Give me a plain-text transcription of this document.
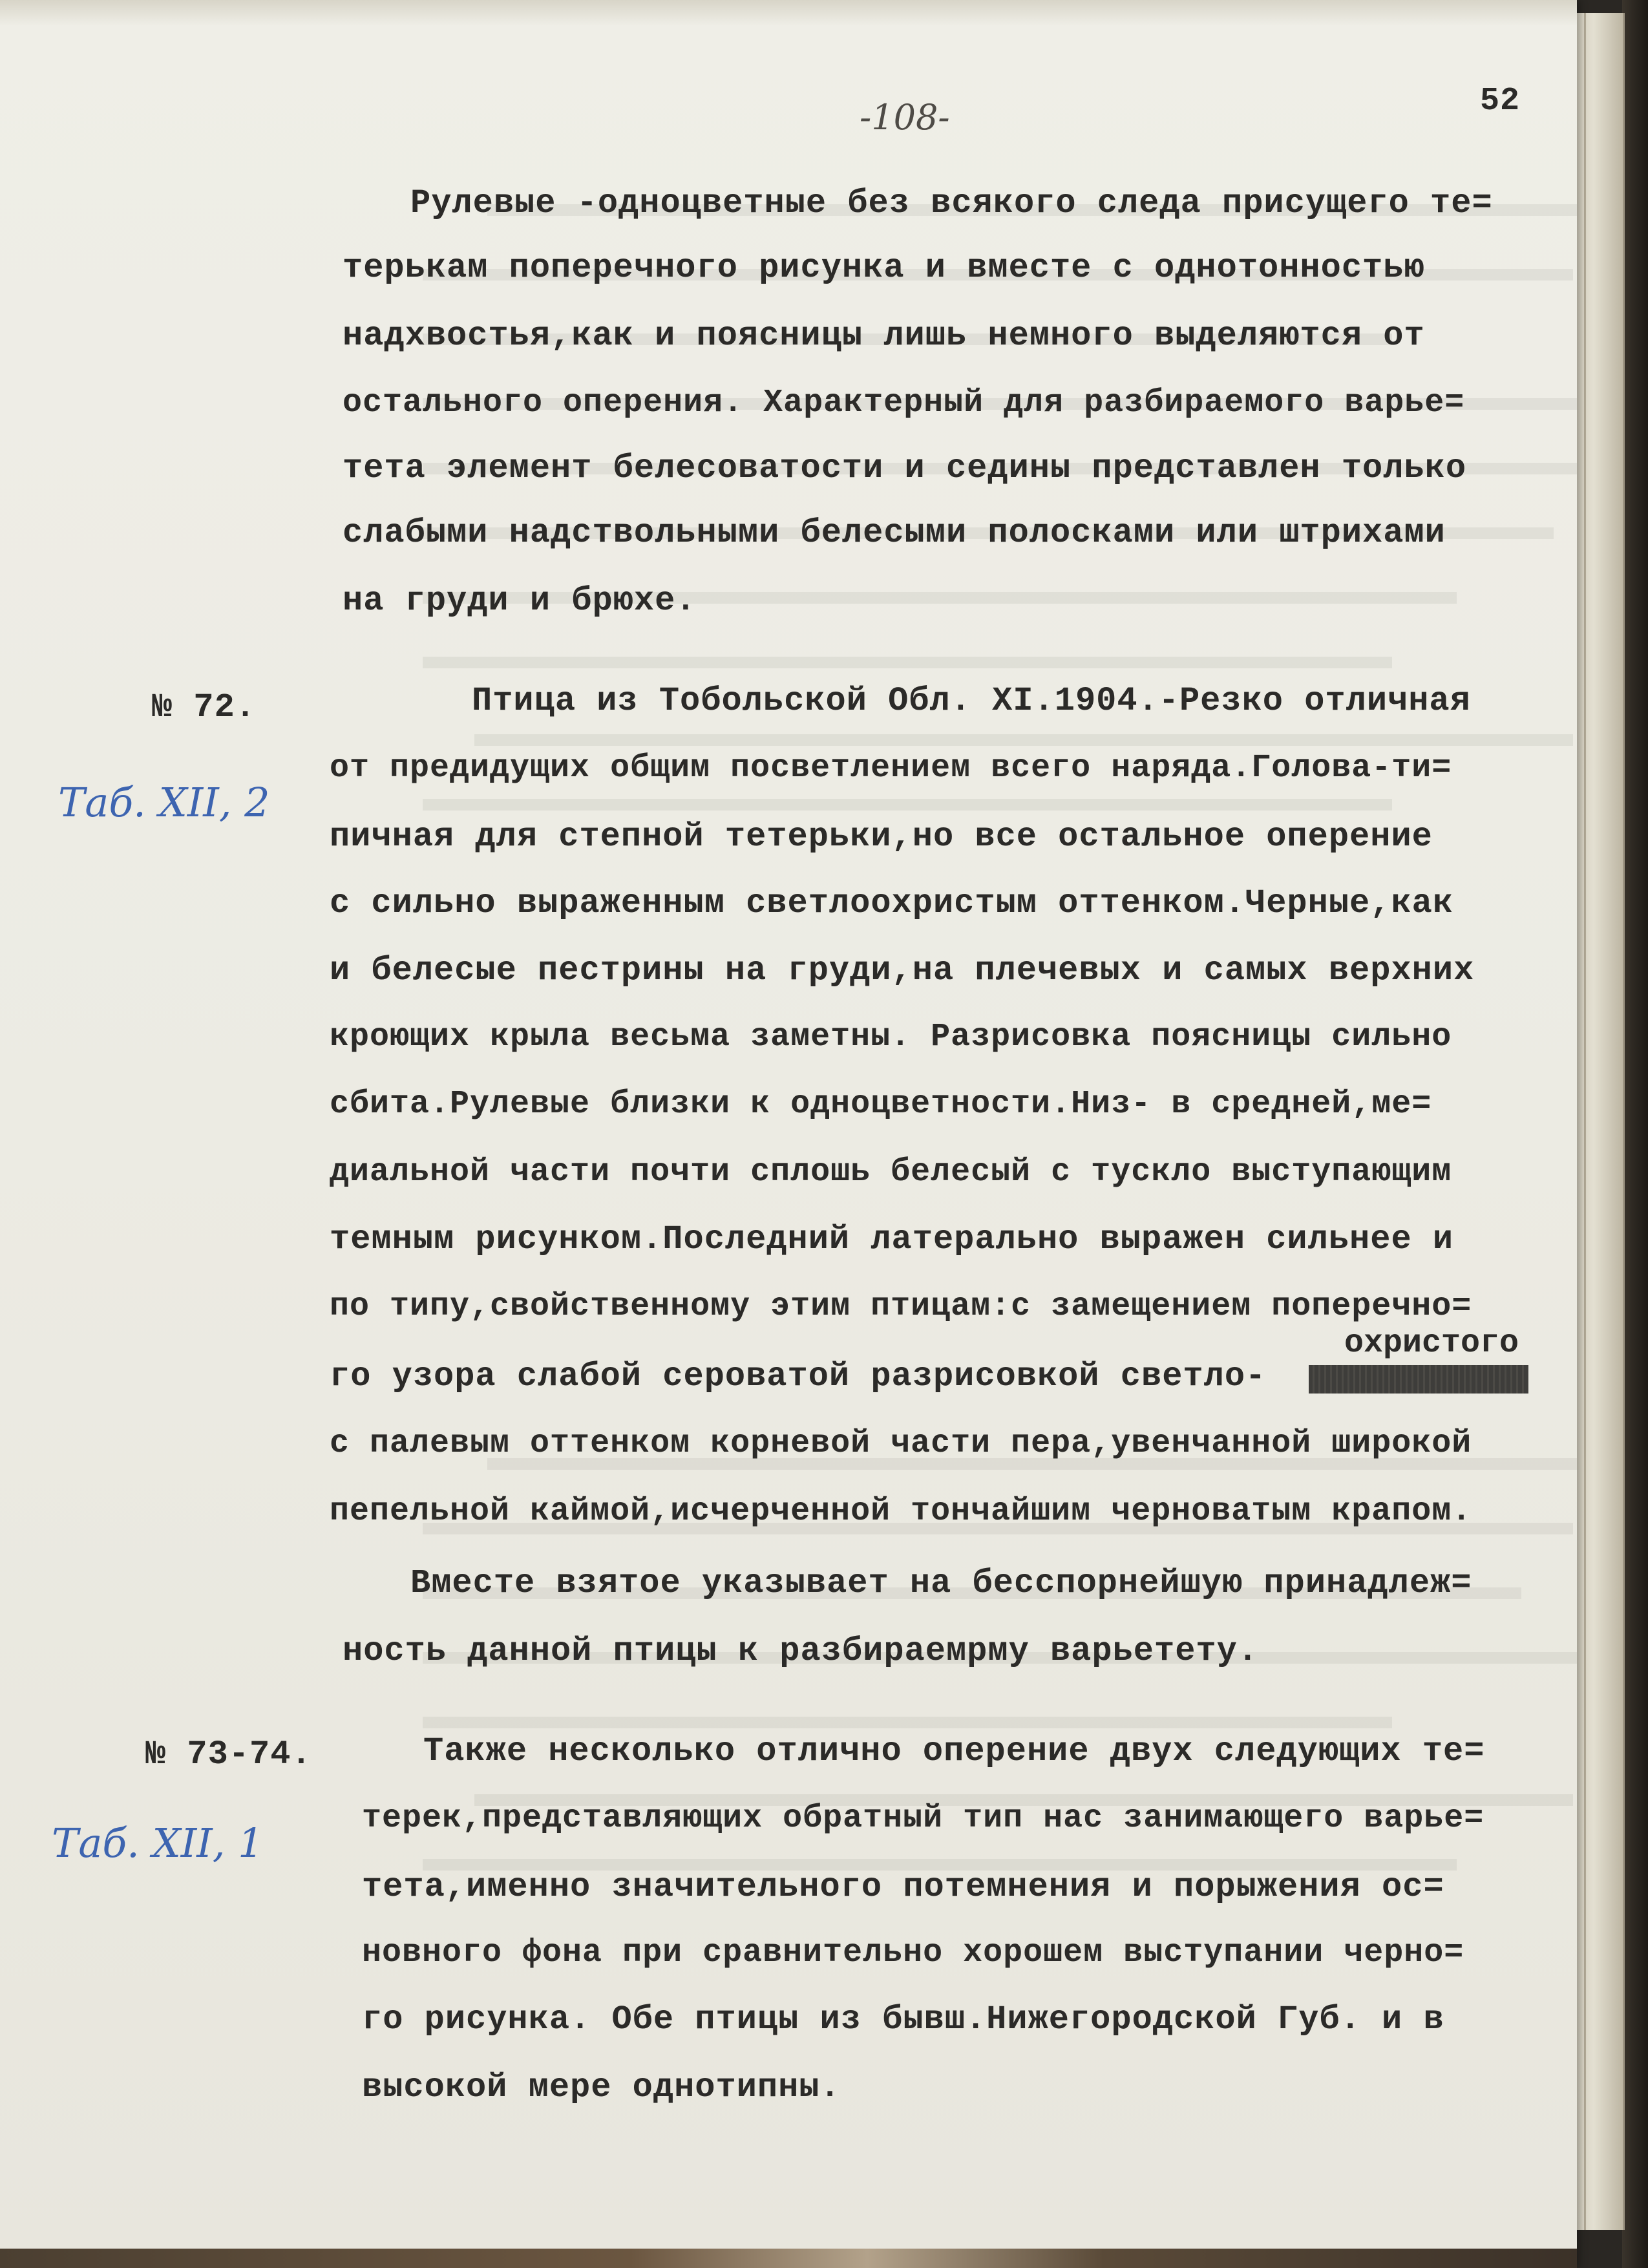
-108-	52
Рулевые -одноцветные без всякого следа присущего те=
терькам поперечного рисунка и вместе с однотонностью
надхвостья,как и поясницы лишь немного выделяются от
остального оперения. Характерный для разбираемого варье=
тета элемент белесоватости и седины представлен только
слабыми надствольными белесыми полосками или штрихами
на груди и брюхе.
№ 72.
Таб. XII, 2
Птица из Тобольской Обл. XI.1904.-Резко отличная
от предидущих общим посветлением всего наряда.Голова-ти=
пичная для степной тетерьки,но все остальное оперение
с сильно выраженным светлоохристым оттенком.Черные,как
и белесые пестрины на груди,на плечевых и самых верхних
кроющих крыла весьма заметны. Разрисовка поясницы сильно
сбита.Рулевые близки к одноцветности.Низ- в средней,ме=
диальной части почти сплошь белесый с тускло выступающим
темным рисунком.Последний латерально выражен сильнее и
по типу,свойственному этим птицам:с замещением поперечно=
охристого
го узора слабой сероватой разрисовкой светло-
с палевым оттенком корневой части пера,увенчанной широкой
пепельной каймой,исчерченной тончайшим черноватым крапом.
Вместе взятое указывает на бесспорнейшую принадлеж=
ность данной птицы к разбираемрму варьетету.
№ 73-74.
Таб. XII, 1
Также несколько отлично оперение двух следующих те=
терек,представляющих обратный тип нас занимающего варье=
тета,именно значительного потемнения и порыжения ос=
новного фона при сравнительно хорошем выступании черно=
го рисунка. Обе птицы из бывш.Нижегородской Губ. и в
высокой мере однотипны.
